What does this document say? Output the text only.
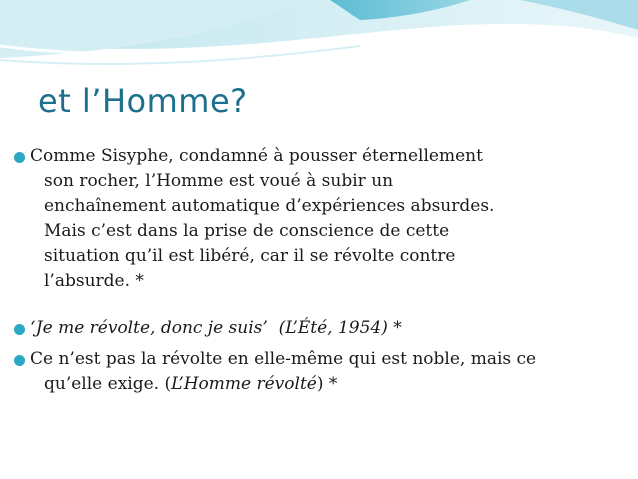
et l’Homme?
Comme Sisyphe, condamné à pousser éternellement
son rocher, l’Homme est voué à subir un
enchaînement automatique d’expériences absurdes.
Mais c’est dans la prise de conscience de cette
situation qu’il est libéré, car il se révolte contre
l’absurde. *
‘Je me révolte, donc je suis’ (L’Été, 1954) *
Ce n’est pas la révolte en elle-même qui est noble, mais ce
qu’elle exige. (L’Homme révolté) *
